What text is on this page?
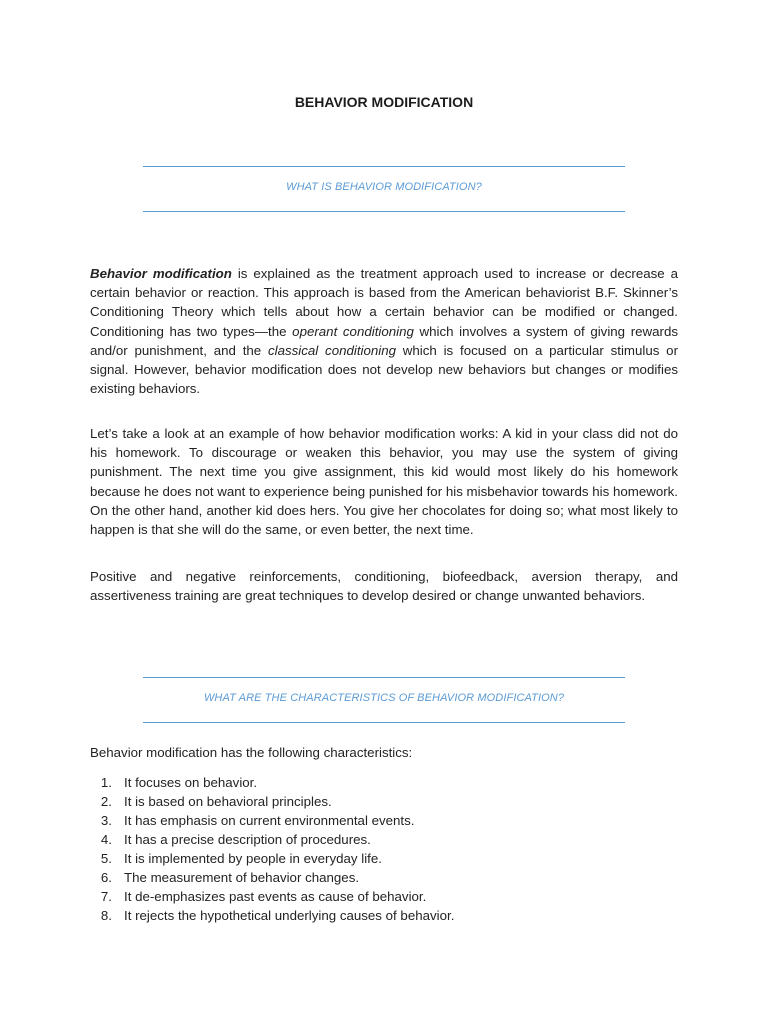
BEHAVIOR MODIFICATION
WHAT IS BEHAVIOR MODIFICATION?

Behavior modification is explained as the treatment approach used to increase or decrease a certain behavior or reaction. This approach is based from the American behaviorist B.F. Skinner’s Conditioning Theory which tells about how a certain behavior can be modified or changed. Conditioning has two types—the operant conditioning which involves a system of giving rewards and/or punishment, and the classical conditioning which is focused on a particular stimulus or signal. However, behavior modification does not develop new behaviors but changes or modifies existing behaviors.

Let’s take a look at an example of how behavior modification works: A kid in your class did not do his homework. To discourage or weaken this behavior, you may use the system of giving punishment. The next time you give assignment, this kid would most likely do his homework because he does not want to experience being punished for his misbehavior towards his homework. On the other hand, another kid does hers. You give her chocolates for doing so; what most likely to happen is that she will do the same, or even better, the next time.

Positive and negative reinforcements, conditioning, biofeedback, aversion therapy, and assertiveness training are great techniques to develop desired or change unwanted behaviors.

WHAT ARE THE CHARACTERISTICS OF BEHAVIOR MODIFICATION?

Behavior modification has the following characteristics:

1. It focuses on behavior.
2. It is based on behavioral principles.
3. It has emphasis on current environmental events.
4. It has a precise description of procedures.
5. It is implemented by people in everyday life.
6. The measurement of behavior changes.
7. It de-emphasizes past events as cause of behavior.
8. It rejects the hypothetical underlying causes of behavior.
